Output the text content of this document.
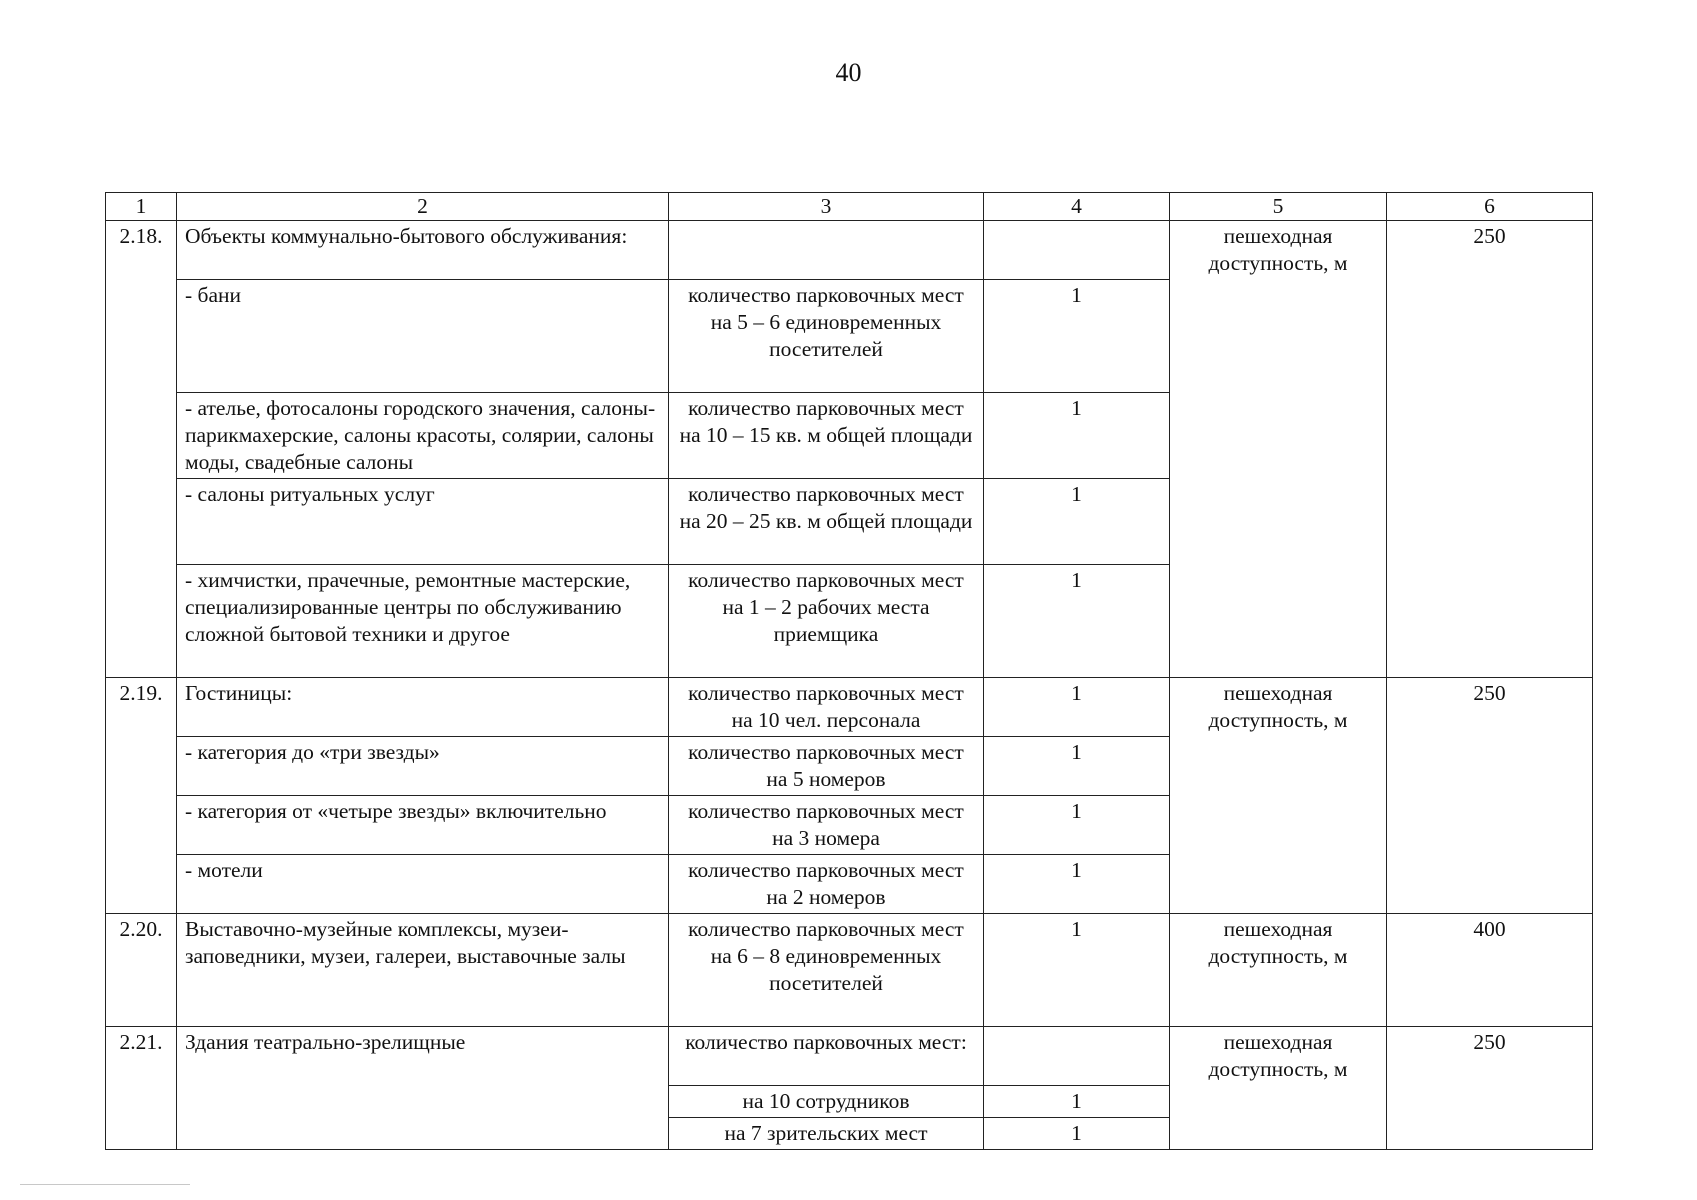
40
1	2	3	4	5	6
2.18.	Объекты коммунально-бытового обслуживания:			пешеходная доступность, м	250
	- бани	количество парковочных мест на 5 – 6 единовременных посетителей	1		
	- ателье, фотосалоны городского значения, салоны-парикмахерские, салоны красоты, солярии, салоны моды, свадебные салоны	количество парковочных мест на 10 – 15 кв. м общей площади	1		
	- салоны ритуальных услуг	количество парковочных мест на 20 – 25 кв. м общей площади	1		
	- химчистки, прачечные, ремонтные мастерские, специализированные центры по обслуживанию сложной бытовой техники и другое	количество парковочных мест на 1 – 2 рабочих места приемщика	1		
2.19.	Гостиницы:	количество парковочных мест на 10 чел. персонала	1	пешеходная доступность, м	250
	- категория до «три звезды»	количество парковочных мест на 5 номеров	1		
	- категория от «четыре звезды» включительно	количество парковочных мест на 3 номера	1		
	- мотели	количество парковочных мест на 2 номеров	1		
2.20.	Выставочно-музейные комплексы, музеи-заповедники, музеи, галереи, выставочные залы	количество парковочных мест на 6 – 8 единовременных посетителей	1	пешеходная доступность, м	400
2.21.	Здания театрально-зрелищные	количество парковочных мест:		пешеходная доступность, м	250
		на 10 сотрудников	1		
		на 7 зрительских мест	1		
